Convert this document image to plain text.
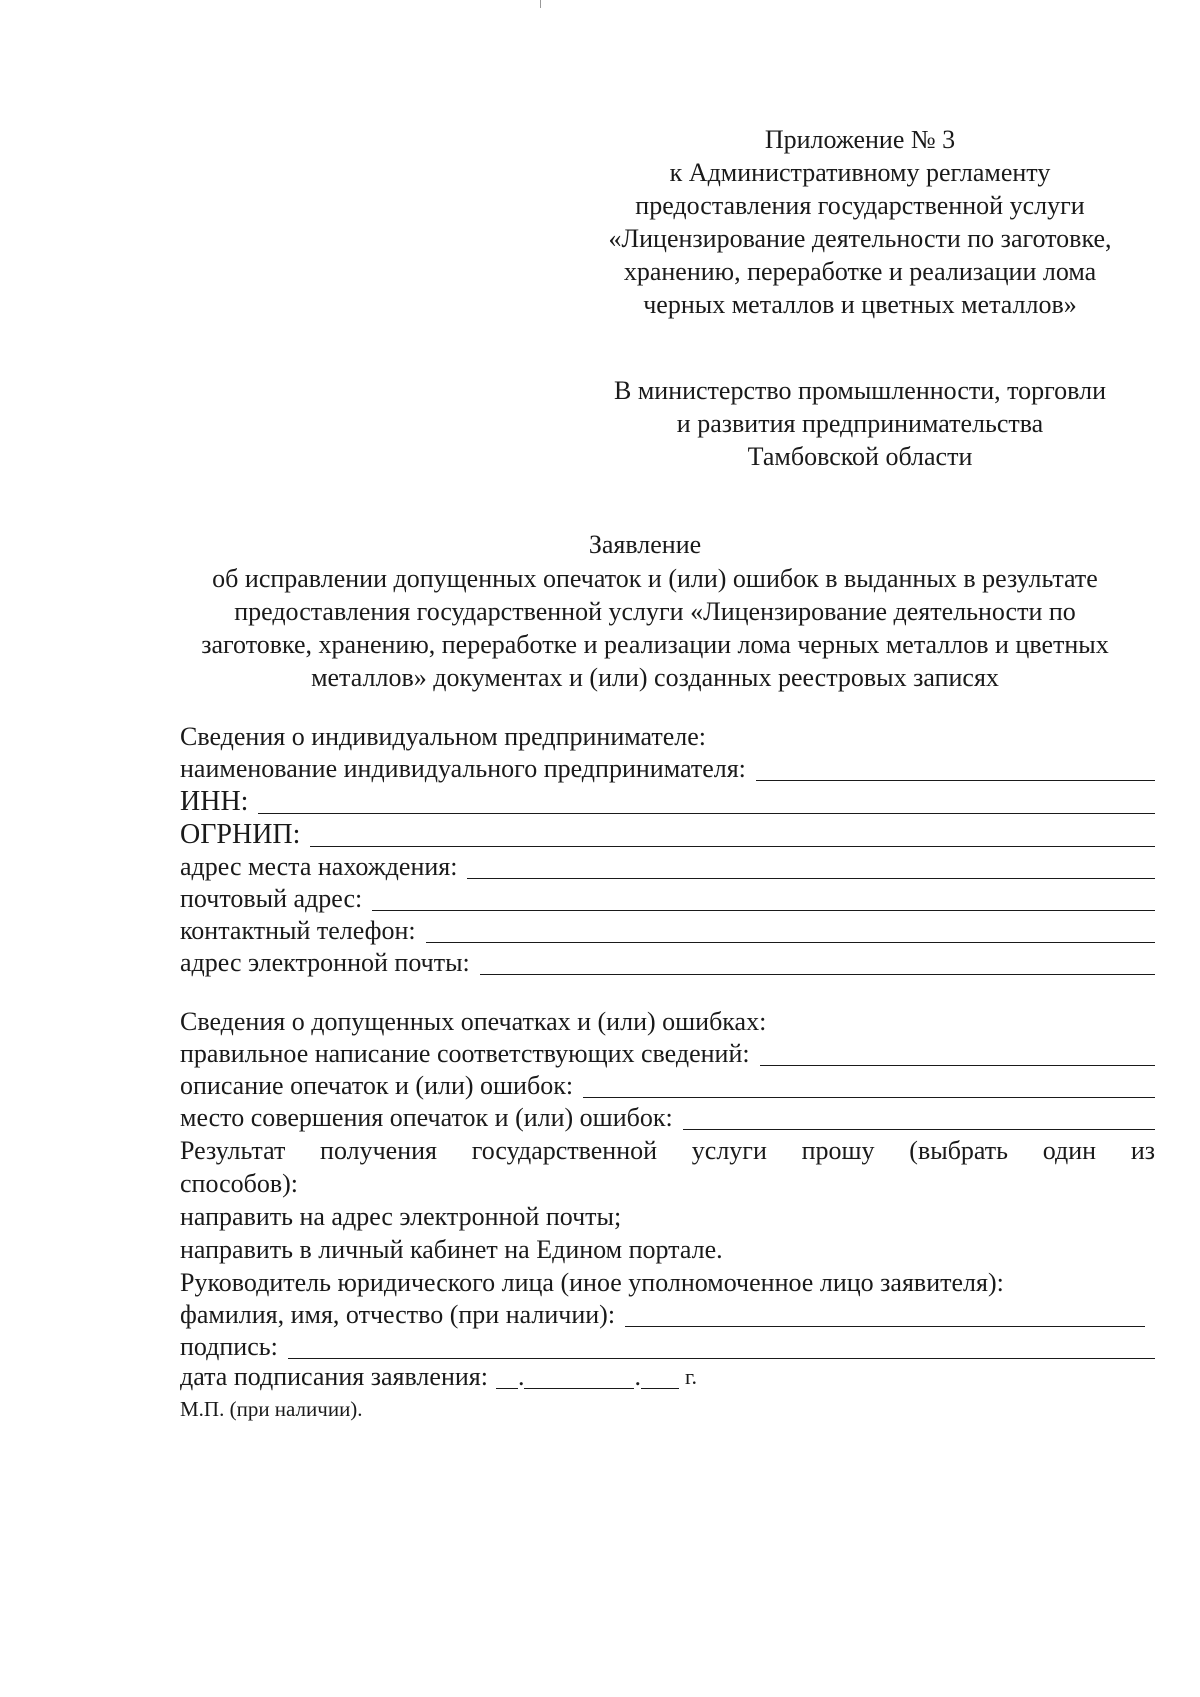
Приложение № 3
к Административному регламенту
предоставления государственной услуги
«Лицензирование деятельности по заготовке,
хранению, переработке и реализации лома
черных металлов и цветных металлов»
В министерство промышленности, торговли
и развития предпринимательства
Тамбовской области
Заявление
об исправлении допущенных опечаток и (или) ошибок в выданных в результате
предоставления государственной услуги «Лицензирование деятельности по
заготовке, хранению, переработке и реализации лома черных металлов и цветных
металлов» документах и (или) созданных реестровых записях
Сведения о индивидуальном предпринимателе:
наименование индивидуального предпринимателя:
ИНН:
ОГРНИП:
адрес места нахождения:
почтовый адрес:
контактный телефон:
адрес электронной почты:
Сведения о допущенных опечатках и (или) ошибках:
правильное написание соответствующих сведений:
описание опечаток и (или) ошибок:
место совершения опечаток и (или) ошибок:
Результат получения государственной услуги прошу (выбрать один из
способов):
направить на адрес электронной почты;
направить в личный кабинет на Едином портале.
Руководитель юридического лица (иное уполномоченное лицо заявителя):
фамилия, имя, отчество (при наличии):
подпись:
дата подписания заявления: .	. г.
М.П. (при наличии).
